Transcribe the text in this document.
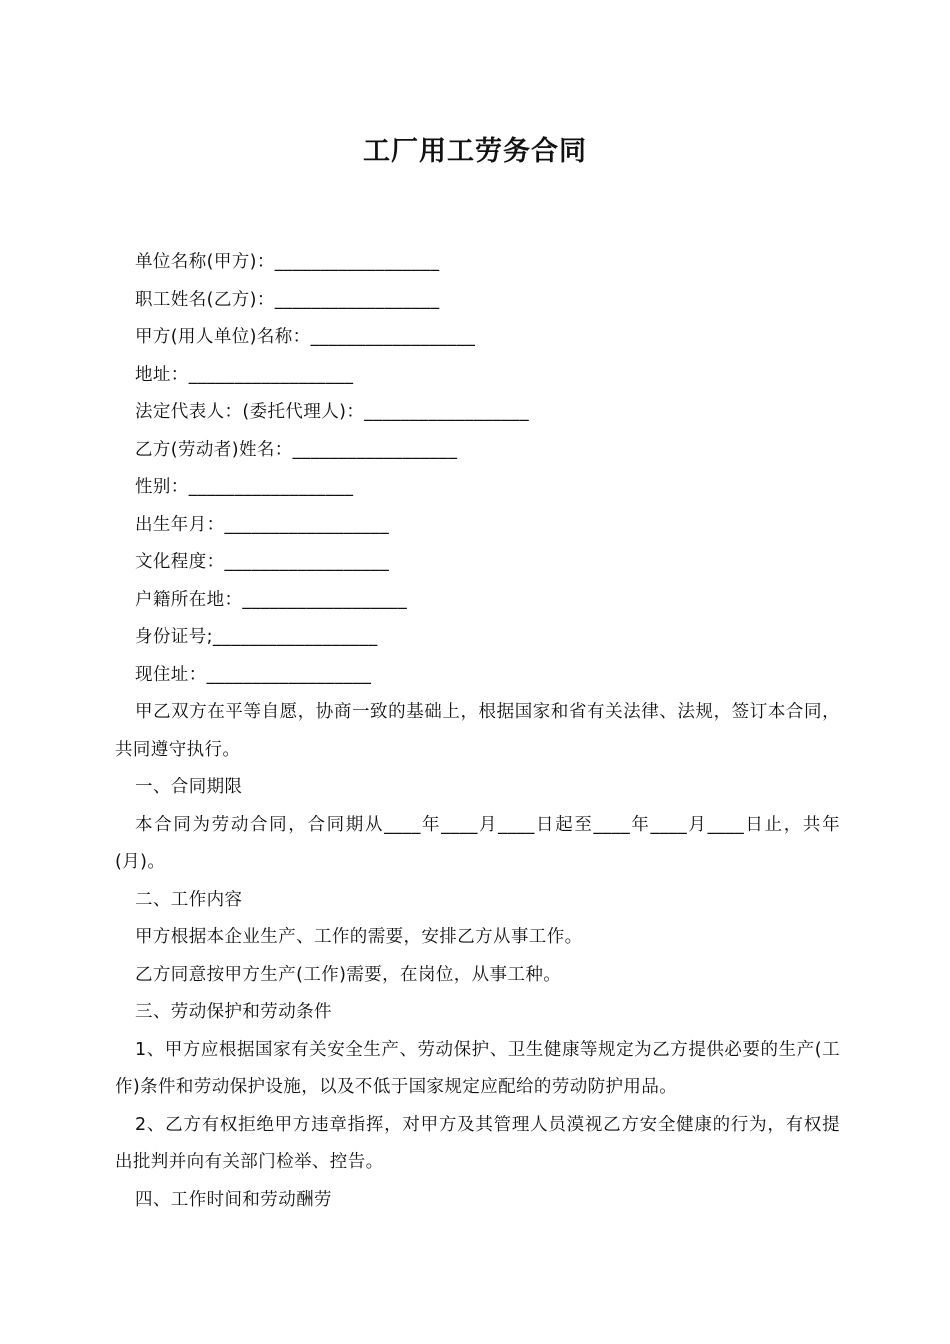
工厂用工劳务合同
单位名称(甲方)：__________________
职工姓名(乙方)：__________________
甲方(用人单位)名称：__________________
地址：__________________
法定代表人：(委托代理人)：__________________
乙方(劳动者)姓名：__________________
性别：__________________
出生年月：__________________
文化程度：__________________
户籍所在地：__________________
身份证号;__________________
现住址：__________________

甲乙双方在平等自愿，协商一致的基础上，根据国家和省有关法律、法规，签订本合同，共同遵守执行。

一、合同期限

本合同为劳动合同，合同期从____年____月____日起至____年____月____日止，共年(月)。

二、工作内容

甲方根据本企业生产、工作的需要，安排乙方从事工作。

乙方同意按甲方生产(工作)需要，在岗位，从事工种。

三、劳动保护和劳动条件

1、甲方应根据国家有关安全生产、劳动保护、卫生健康等规定为乙方提供必要的生产(工作)条件和劳动保护设施，以及不低于国家规定应配给的劳动防护用品。

2、乙方有权拒绝甲方违章指挥，对甲方及其管理人员漠视乙方安全健康的行为，有权提出批判并向有关部门检举、控告。

四、工作时间和劳动酬劳
